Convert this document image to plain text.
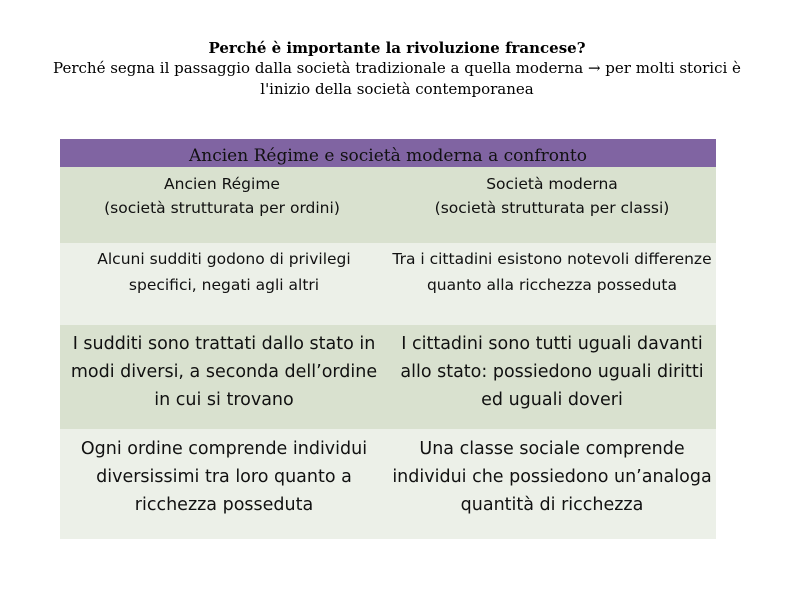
Perché è importante la rivoluzione francese?
Perché segna il passaggio dalla società tradizionale a quella moderna → per molti storici è l'inizio della società contemporanea
Ancien Régime e società moderna a confronto
Ancien Régime
(società strutturata per ordini)
Società moderna
(società strutturata per classi)
Alcuni sudditi godono di privilegi specifici, negati agli altri
Tra i cittadini esistono notevoli differenze quanto alla ricchezza posseduta
I sudditi sono trattati dallo stato in modi diversi, a seconda dell’ordine in cui si trovano
I cittadini sono tutti uguali davanti allo stato: possiedono uguali diritti ed uguali doveri
Ogni ordine comprende individui diversissimi tra loro quanto a ricchezza posseduta
Una classe sociale comprende individui che possiedono un’analoga quantità di ricchezza
